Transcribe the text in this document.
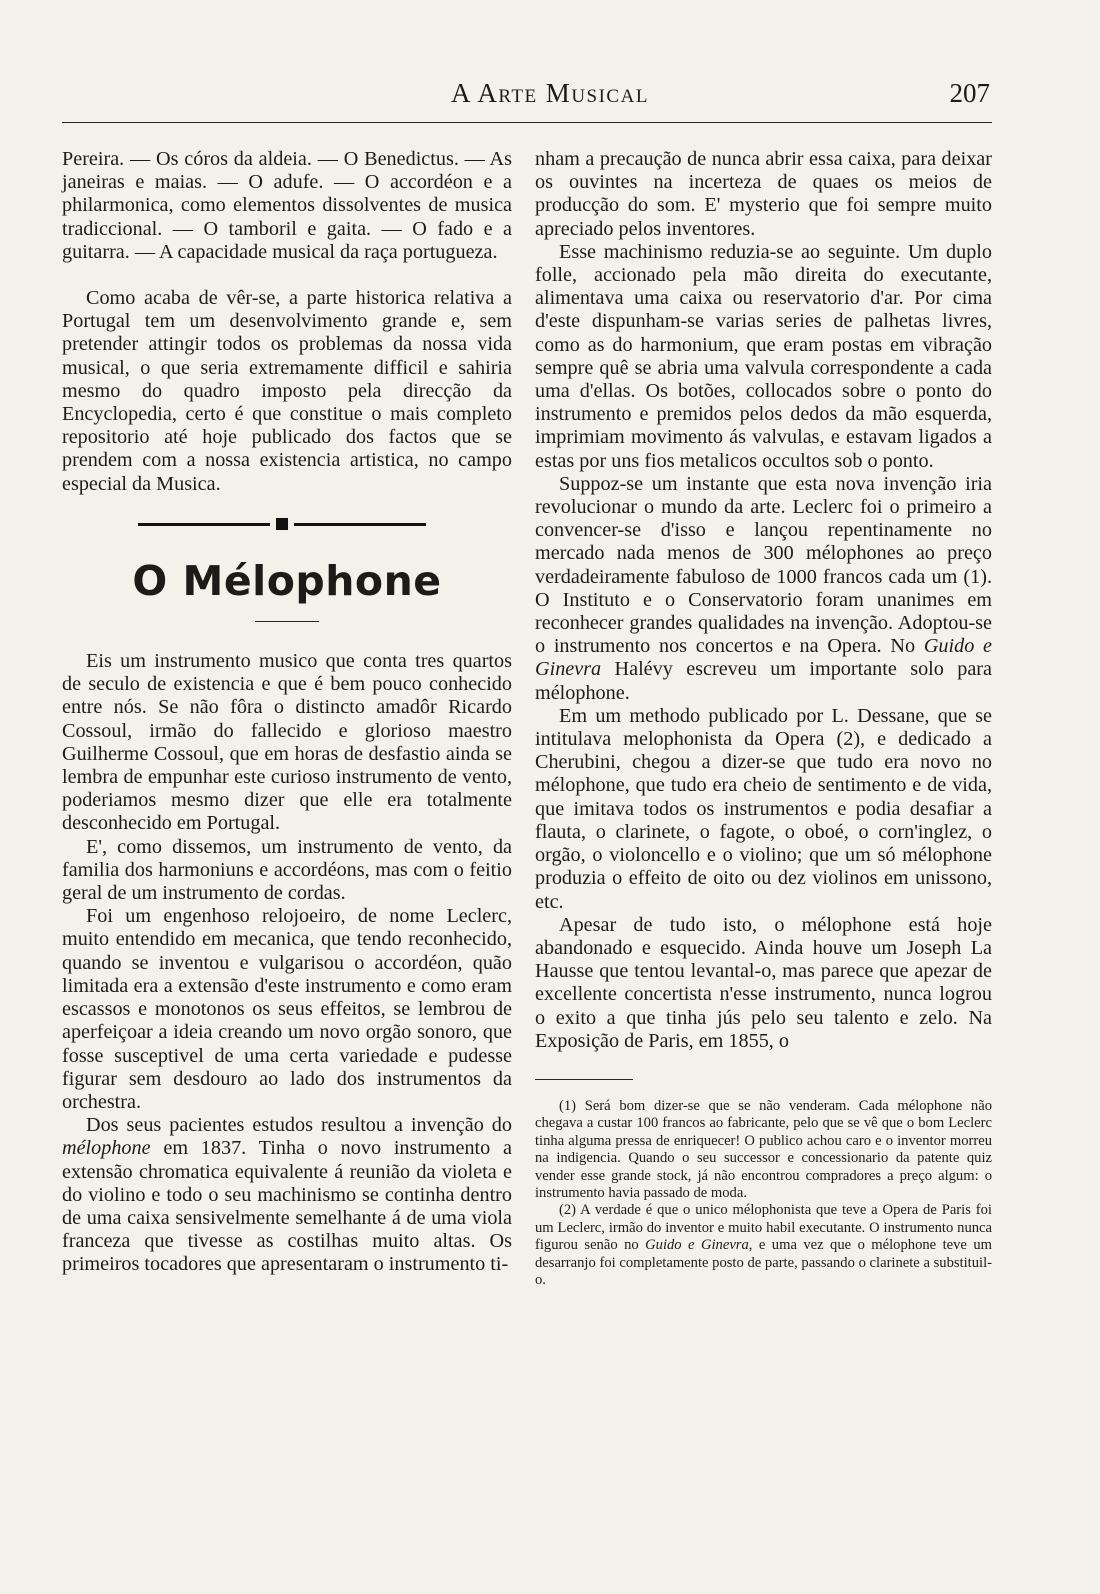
A Arte Musical	207

Pereira. — Os córos da aldeia. — O Benedictus. — As janeiras e maias. — O adufe. — O accordéon e a philarmonica, como elementos dissolventes de musica tradiccional. — O tamboril e gaita. — O fado e a guitarra. — A capacidade musical da raça portugueza.

Como acaba de vêr-se, a parte historica relativa a Portugal tem um desenvolvimento grande e, sem pretender attingir todos os problemas da nossa vida musical, o que seria extremamente difficil e sahiria mesmo do quadro imposto pela direcção da Encyclopedia, certo é que constitue o mais completo repositorio até hoje publicado dos factos que se prendem com a nossa existencia artistica, no campo especial da Musica.

O Mélophone

Eis um instrumento musico que conta tres quartos de seculo de existencia e que é bem pouco conhecido entre nós. Se não fôra o distincto amadôr Ricardo Cossoul, irmão do fallecido e glorioso maestro Guilherme Cossoul, que em horas de desfastio ainda se lembra de empunhar este curioso instrumento de vento, poderiamos mesmo dizer que elle era totalmente desconhecido em Portugal.

E', como dissemos, um instrumento de vento, da familia dos harmoniuns e accordéons, mas com o feitio geral de um instrumento de cordas.

Foi um engenhoso relojoeiro, de nome Leclerc, muito entendido em mecanica, que tendo reconhecido, quando se inventou e vulgarisou o accordéon, quão limitada era a extensão d'este instrumento e como eram escassos e monotonos os seus effeitos, se lembrou de aperfeiçoar a ideia creando um novo orgão sonoro, que fosse susceptivel de uma certa variedade e pudesse figurar sem desdouro ao lado dos instrumentos da orchestra.

Dos seus pacientes estudos resultou a invenção do mélophone em 1837. Tinha o novo instrumento a extensão chromatica equivalente á reunião da violeta e do violino e todo o seu machinismo se continha dentro de uma caixa sensivelmente semelhante á de uma viola franceza que tivesse as costilhas muito altas. Os primeiros tocadores que apresentaram o instrumento ti-

nham a precaução de nunca abrir essa caixa, para deixar os ouvintes na incerteza de quaes os meios de producção do som. E' mysterio que foi sempre muito apreciado pelos inventores.

Esse machinismo reduzia-se ao seguinte. Um duplo folle, accionado pela mão direita do executante, alimentava uma caixa ou reservatorio d'ar. Por cima d'este dispunham-se varias series de palhetas livres, como as do harmonium, que eram postas em vibração sempre quê se abria uma valvula correspondente a cada uma d'ellas. Os botões, collocados sobre o ponto do instrumento e premidos pelos dedos da mão esquerda, imprimiam movimento ás valvulas, e estavam ligados a estas por uns fios metalicos occultos sob o ponto.

Suppoz-se um instante que esta nova invenção iria revolucionar o mundo da arte. Leclerc foi o primeiro a convencer-se d'isso e lançou repentinamente no mercado nada menos de 300 mélophones ao preço verdadeiramente fabuloso de 1000 francos cada um (1). O Instituto e o Conservatorio foram unanimes em reconhecer grandes qualidades na invenção. Adoptou-se o instrumento nos concertos e na Opera. No Guido e Ginevra Halévy escreveu um importante solo para mélophone.

Em um methodo publicado por L. Dessane, que se intitulava melophonista da Opera (2), e dedicado a Cherubini, chegou a dizer-se que tudo era novo no mélophone, que tudo era cheio de sentimento e de vida, que imitava todos os instrumentos e podia desafiar a flauta, o clarinete, o fagote, o oboé, o corn'inglez, o orgão, o violoncello e o violino; que um só mélophone produzia o effeito de oito ou dez violinos em unissono, etc.

Apesar de tudo isto, o mélophone está hoje abandonado e esquecido. Ainda houve um Joseph La Hausse que tentou levantal-o, mas parece que apezar de excellente concertista n'esse instrumento, nunca logrou o exito a que tinha jús pelo seu talento e zelo. Na Exposição de Paris, em 1855, o

(1) Será bom dizer-se que se não venderam. Cada mélophone não chegava a custar 100 francos ao fabricante, pelo que se vê que o bom Leclerc tinha alguma pressa de enriquecer! O publico achou caro e o inventor morreu na indigencia. Quando o seu successor e concessionario da patente quiz vender esse grande stock, já não encontrou compradores a preço algum: o instrumento havia passado de moda.

(2) A verdade é que o unico mélophonista que teve a Opera de Paris foi um Leclerc, irmão do inventor e muito habil executante. O instrumento nunca figurou senão no Guido e Ginevra, e uma vez que o mélophone teve um desarranjo foi completamente posto de parte, passando o clarinete a substituil-o.
